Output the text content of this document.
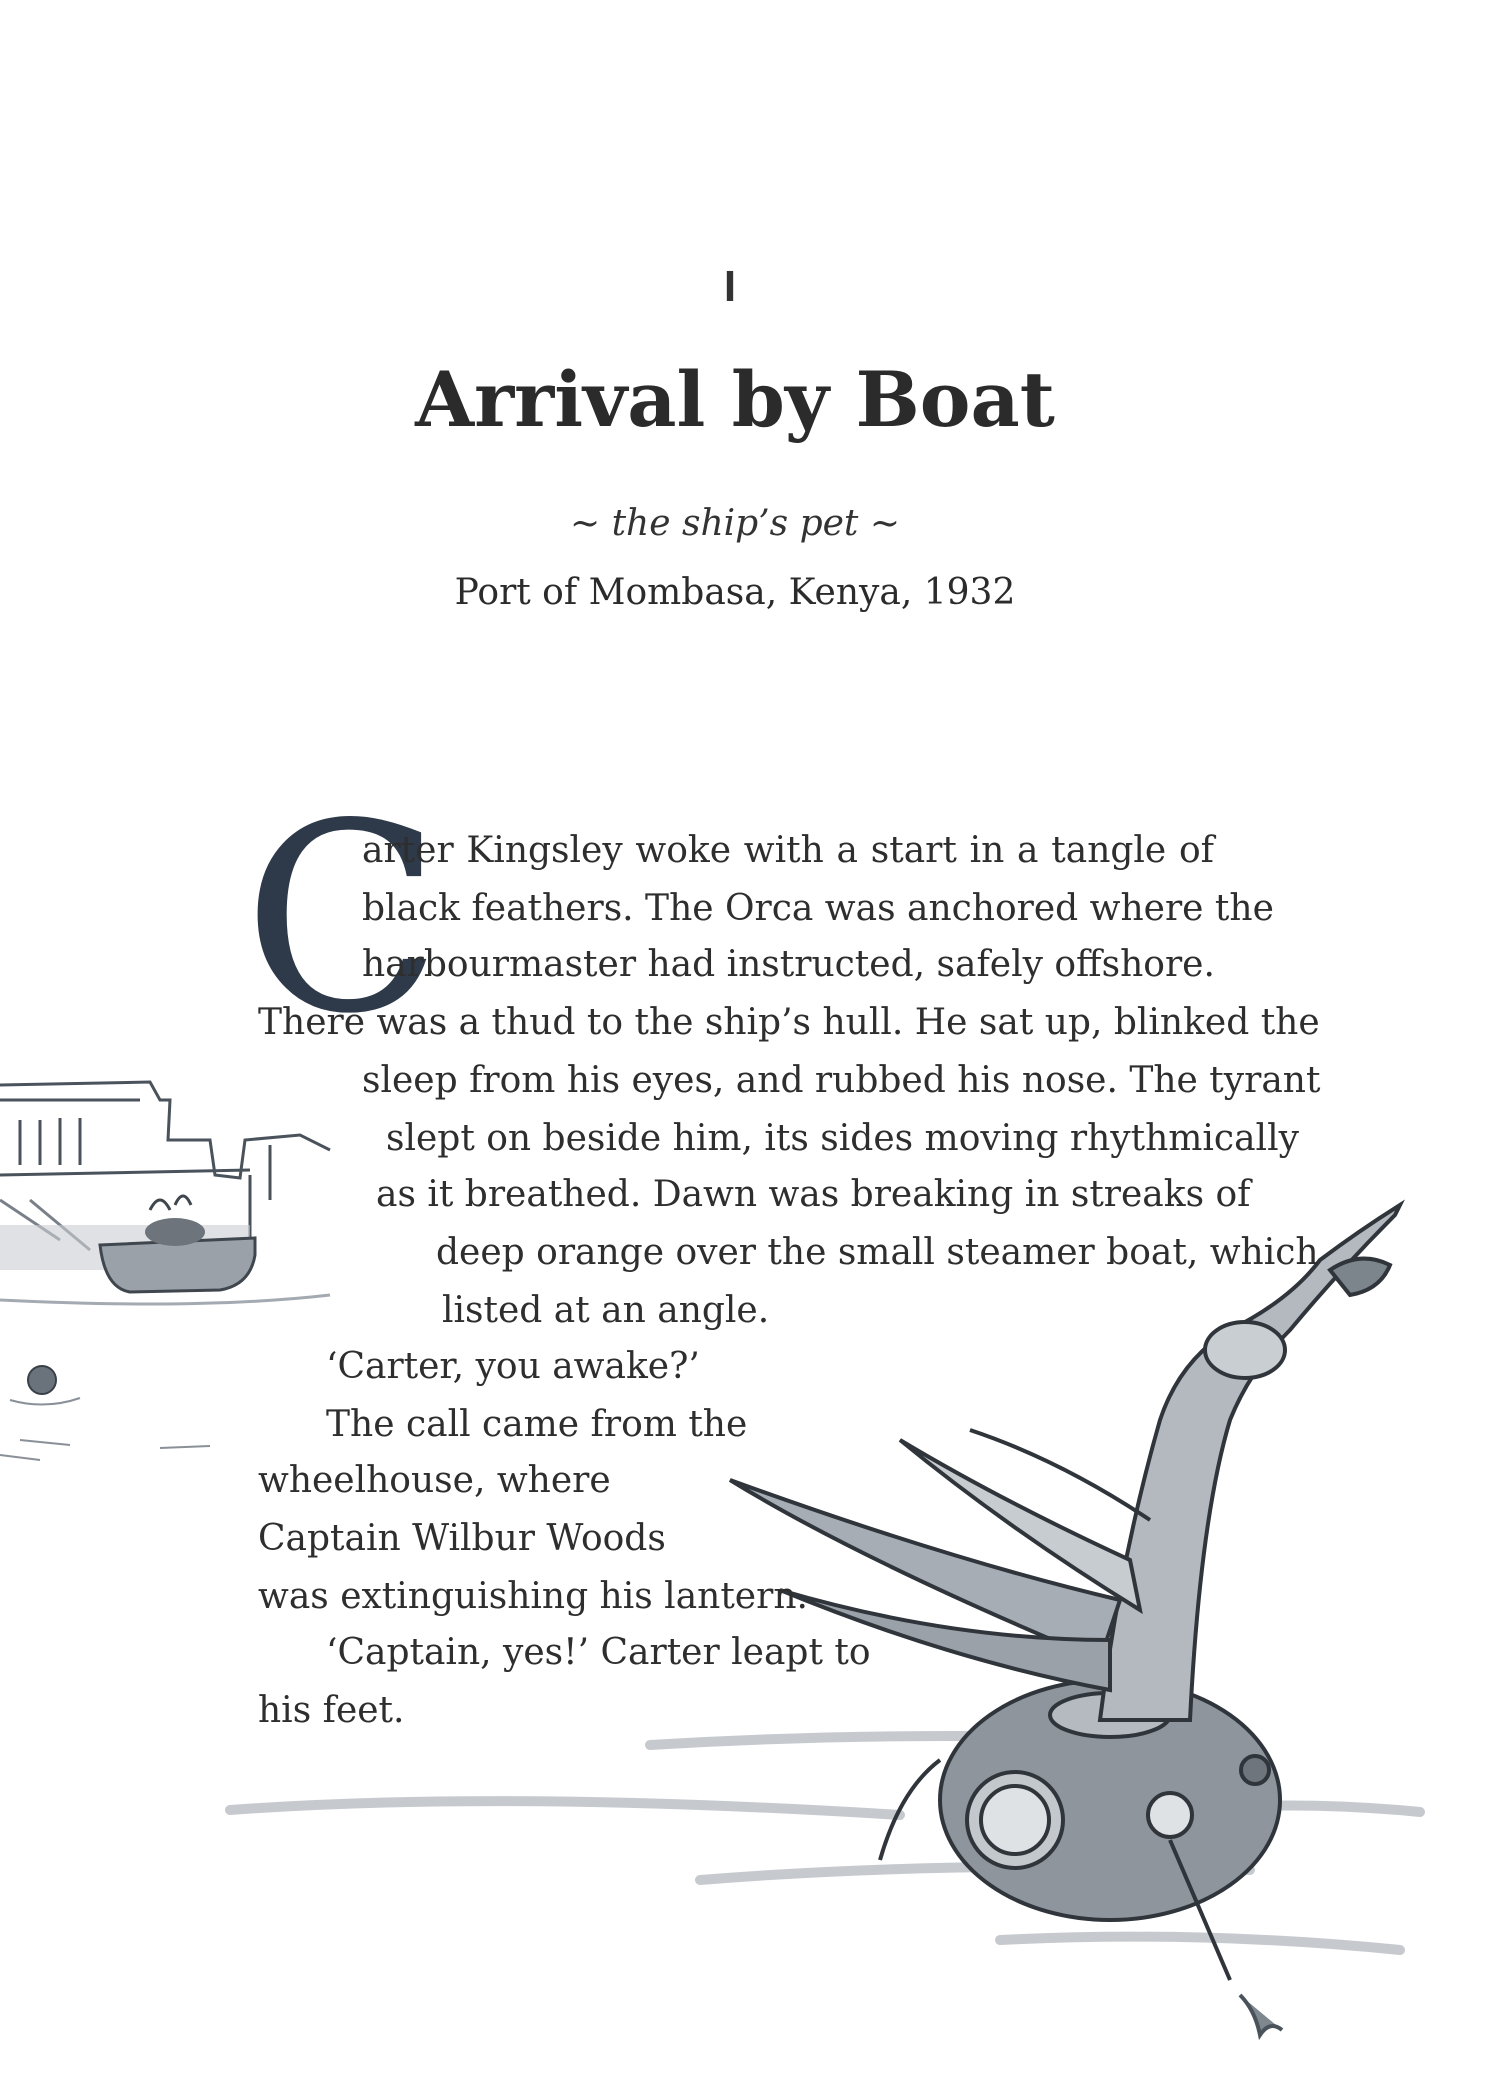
I
Arrival by Boat
~ the ship’s pet ~
Port of Mombasa, Kenya, 1932
C
arter Kingsley woke with a start in a tangle of
black feathers. The Orca was anchored where the
harbourmaster had instructed, safely offshore.
There was a thud to the ship’s hull. He sat up, blinked the
sleep from his eyes, and rubbed his nose. The tyrant
slept on beside him, its sides moving rhythmically
as it breathed. Dawn was breaking in streaks of
deep orange over the small steamer boat, which
listed at an angle.
‘Carter, you awake?’
The call came from the
wheelhouse, where
Captain Wilbur Woods
was extinguishing his lantern.
‘Captain, yes!’ Carter leapt to
his feet.
